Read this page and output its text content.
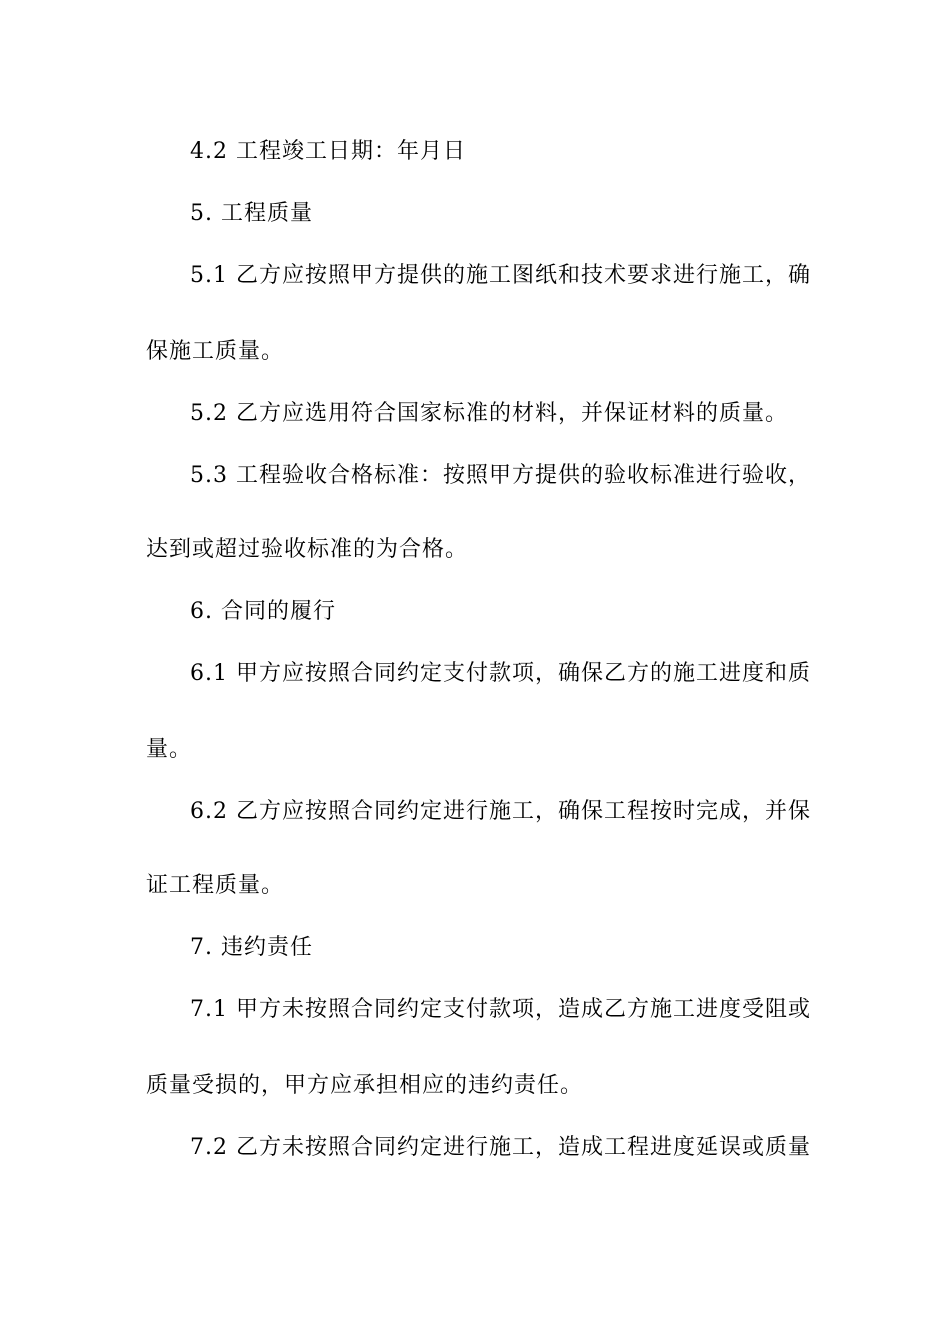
4.2 工程竣工日期：年月日
5. 工程质量
5.1 乙方应按照甲方提供的施工图纸和技术要求进行施工，确
保施工质量。
5.2 乙方应选用符合国家标准的材料，并保证材料的质量。
5.3 工程验收合格标准：按照甲方提供的验收标准进行验收，
达到或超过验收标准的为合格。
6. 合同的履行
6.1 甲方应按照合同约定支付款项，确保乙方的施工进度和质
量。
6.2 乙方应按照合同约定进行施工，确保工程按时完成，并保
证工程质量。
7. 违约责任
7.1 甲方未按照合同约定支付款项，造成乙方施工进度受阻或
质量受损的，甲方应承担相应的违约责任。
7.2 乙方未按照合同约定进行施工，造成工程进度延误或质量
